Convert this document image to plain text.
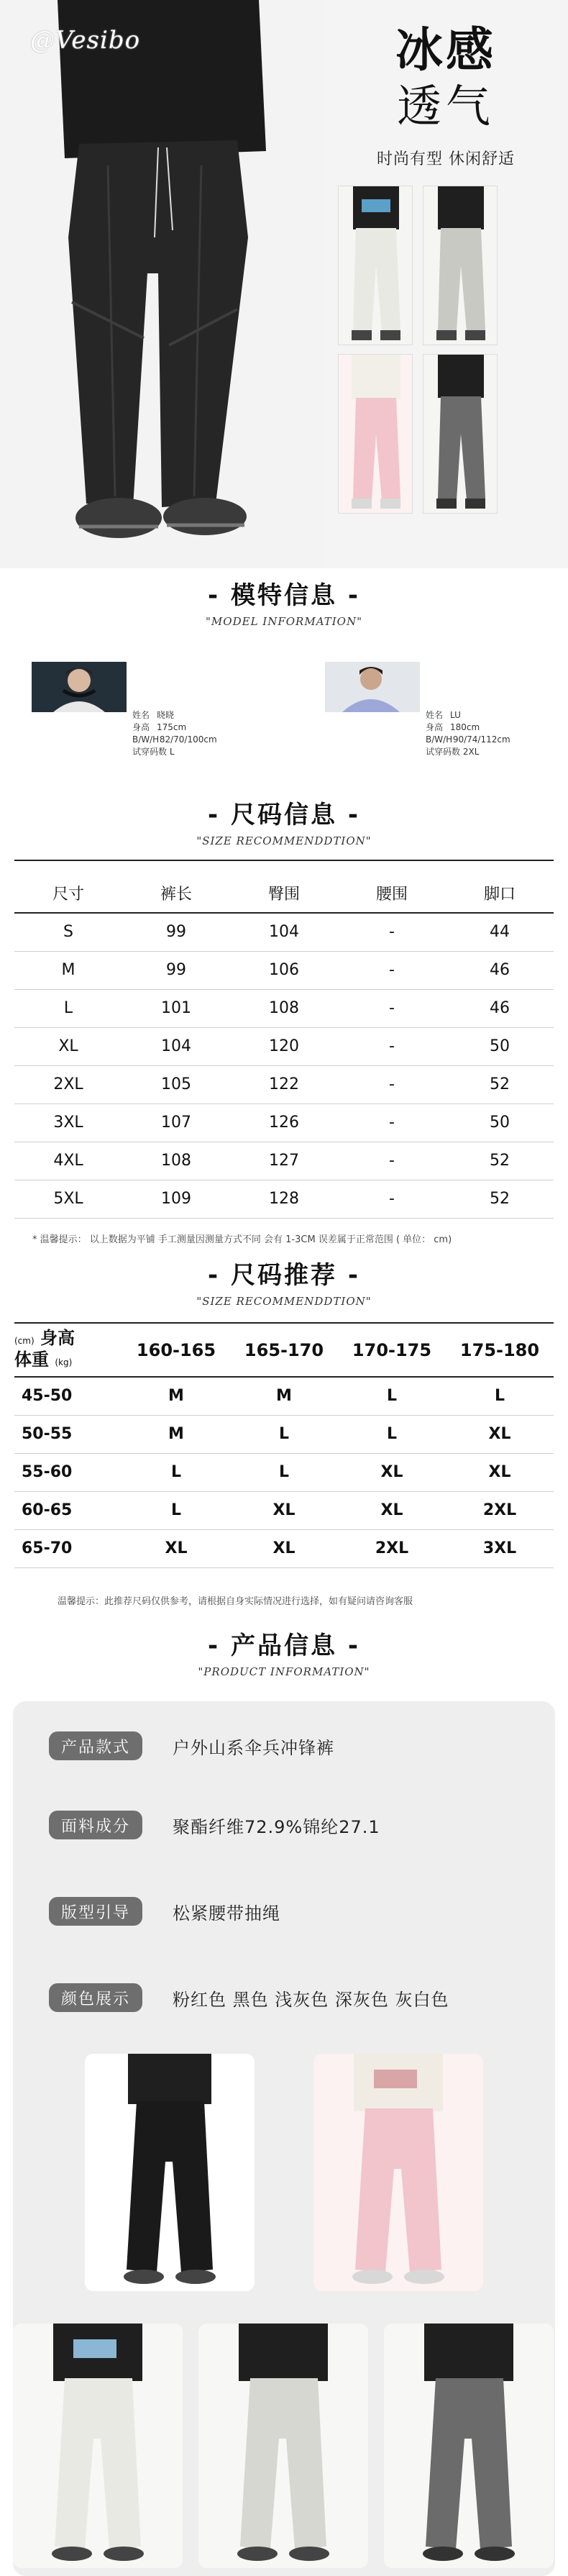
@Vesibo	冰感
透气
时尚有型 休闲舒适
- 模特信息 -
"MODEL INFORMATION"
姓名 晓晓
身高 175cm
B/W/H 82/70/100cm
试穿码数 L
姓名 LU
身高 180cm
B/W/H 90/74/112cm
试穿码数 2XL
- 尺码信息 -
"SIZE RECOMMENDDTION"
尺寸	裤长	臀围	腰围	脚口
S	99	104	-	44
M	99	106	-	46
L	101	108	-	46
XL	104	120	-	50
2XL	105	122	-	52
3XL	107	126	-	50
4XL	108	127	-	52
5XL	109	128	-	52
* 温馨提示： 以上数据为平铺 手工测量因测量方式不同 会有 1-3CM 误差属于正常范围 ( 单位： cm)
- 尺码推荐 -
"SIZE RECOMMENDDTION"
(cm) 身高
体重 (kg)	160-165	165-170	170-175	175-180
45-50	M	M	L	L
50-55	M	L	L	XL
55-60	L	L	XL	XL
60-65	L	XL	XL	2XL
65-70	XL	XL	2XL	3XL
温馨提示：此推荐尺码仅供参考，请根据自身实际情况进行选择，如有疑问请咨询客服
- 产品信息 -
"PRODUCT INFORMATION"
产品款式	户外山系伞兵冲锋裤
面料成分	聚酯纤维72.9%锦纶27.1
版型引导	松紧腰带抽绳
颜色展示	粉红色 黑色 浅灰色 深灰色 灰白色
